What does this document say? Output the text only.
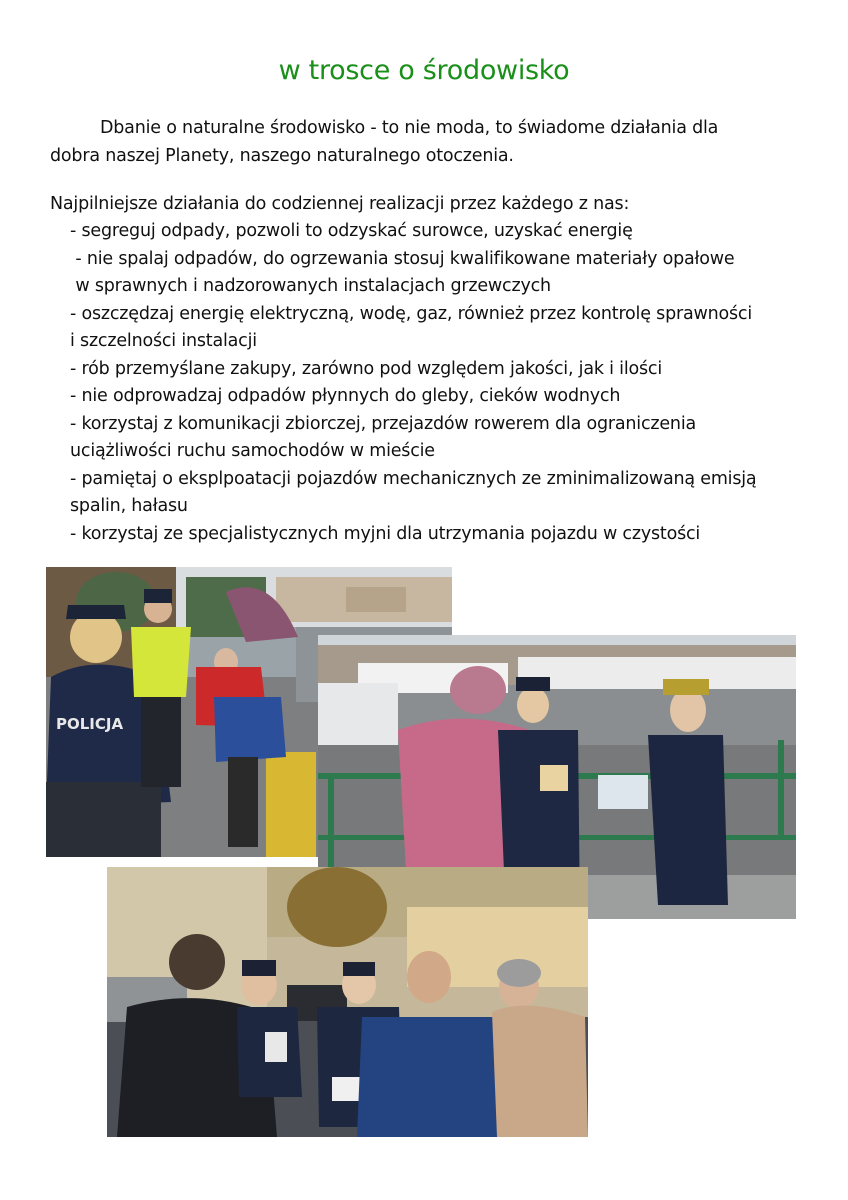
w trosce o środowisko
Dbanie o naturalne środowisko - to nie moda, to świadome działania dla
dobra naszej Planety, naszego naturalnego otoczenia.
Najpilniejsze działania do codziennej realizacji przez każdego z nas:
- segreguj odpady, pozwoli to odzyskać surowce, uzyskać energię
- nie spalaj odpadów, do ogrzewania stosuj kwalifikowane materiały opałowe
w sprawnych i nadzorowanych instalacjach grzewczych
- oszczędzaj energię elektryczną, wodę, gaz, również przez kontrolę sprawności
i szczelności instalacji
- rób przemyślane zakupy, zarówno pod względem jakości, jak i ilości
- nie odprowadzaj odpadów płynnych do gleby, cieków wodnych
- korzystaj z komunikacji zbiorczej, przejazdów rowerem dla ograniczenia
uciążliwości ruchu samochodów w mieście
- pamiętaj o eksplpoatacji pojazdów mechanicznych ze zminimalizowaną emisją
spalin, hałasu
- korzystaj ze specjalistycznych myjni dla utrzymania pojazdu w czystości
POLICJA
